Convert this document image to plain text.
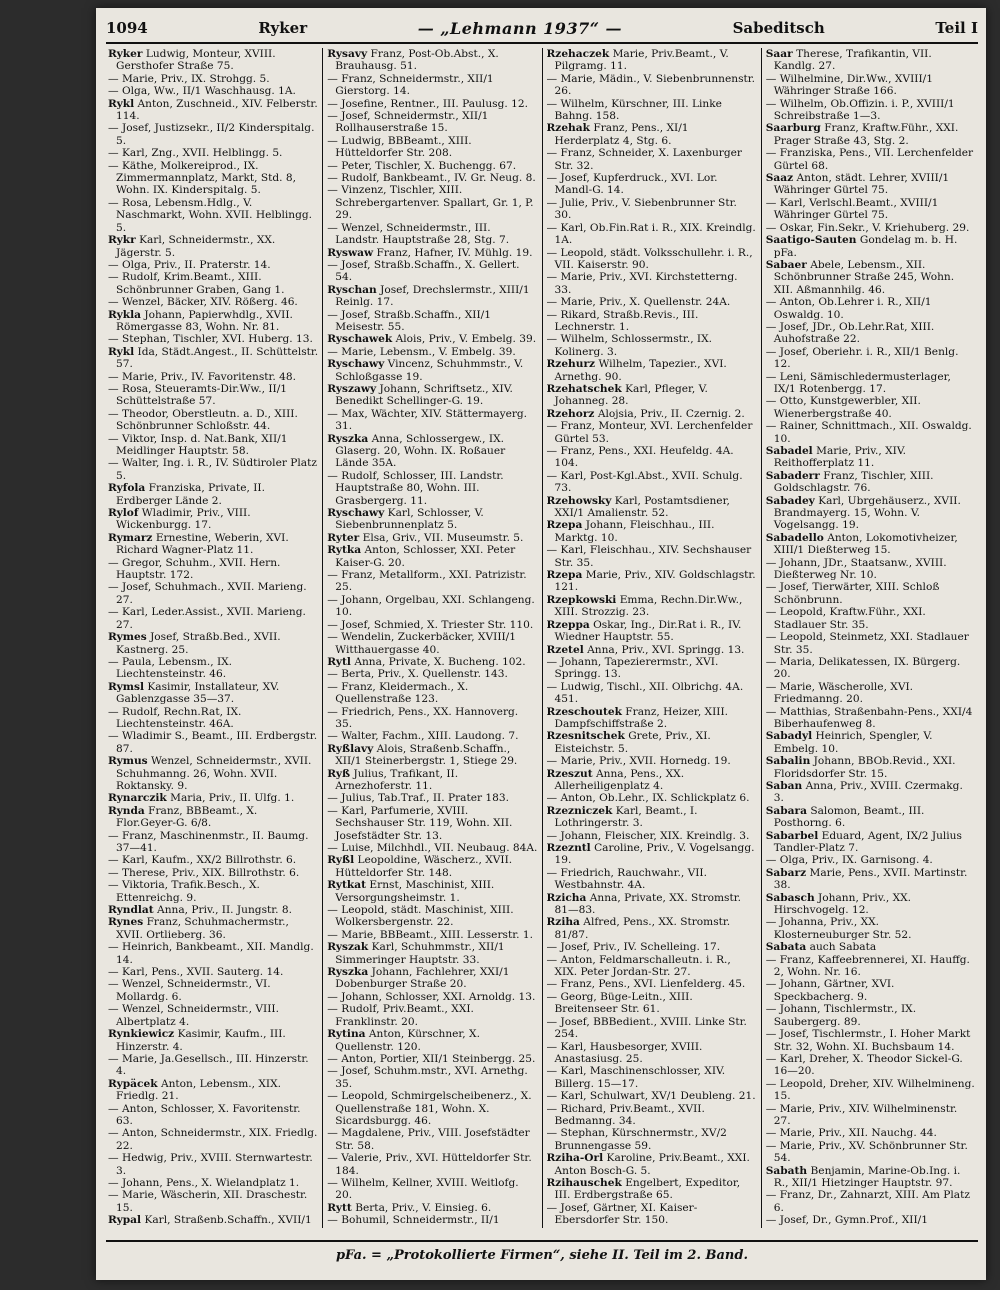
1094	Ryker	— „Lehmann 1937“ —	Sabeditsch	Teil I

Ryker Ludwig, Monteur, XVIII. Gersthofer Straße 75.

— Marie, Priv., IX. Strohgg. 5.

— Olga, Ww., II/1 Waschhausg. 1A.

Rykl Anton, Zuschneid., XIV. Felberstr. 114.

— Josef, Justizsekr., II/2 Kinderspitalg. 5.

— Karl, Zng., XVII. Helblingg. 5.

— Käthe, Molkereiprod., IX. Zimmermannplatz, Markt, Std. 8, Wohn. IX. Kinderspitalg. 5.

— Rosa, Lebensm.Hdlg., V. Naschmarkt, Wohn. XVII. Helblingg. 5.

Rykr Karl, Schneidermstr., XX. Jägerstr. 5.

— Olga, Priv., II. Praterstr. 14.

— Rudolf, Krim.Beamt., XIII. Schönbrunner Graben, Gang 1.

— Wenzel, Bäcker, XIV. Rößerg. 46.

Rykla Johann, Papierwhdlg., XVII. Römergasse 83, Wohn. Nr. 81.

— Stephan, Tischler, XVI. Huberg. 13.

Rykl Ida, Städt.Angest., II. Schüttelstr. 57.

— Marie, Priv., IV. Favoritenstr. 48.

— Rosa, Steueramts-Dir.Ww., II/1 Schüttelstraße 57.

— Theodor, Oberstleutn. a. D., XIII. Schönbrunner Schloßstr. 44.

— Viktor, Insp. d. Nat.Bank, XII/1 Meidlinger Hauptstr. 58.

— Walter, Ing. i. R., IV. Südtiroler Platz 5.

Ryfola Franziska, Private, II. Erdberger Lände 2.

Rylof Wladimir, Priv., VIII. Wickenburgg. 17.

Rymarz Ernestine, Weberin, XVI. Richard Wagner-Platz 11.

— Gregor, Schuhm., XVII. Hern. Hauptstr. 172.

— Josef, Schuhmach., XVII. Marieng. 27.

— Karl, Leder.Assist., XVII. Marieng. 27.

Rymes Josef, Straßb.Bed., XVII. Kastnerg. 25.

— Paula, Lebensm., IX. Liechtensteinstr. 46.

Rymsl Kasimir, Installateur, XV. Gablenzgasse 35—37.

— Rudolf, Rechn.Rat, IX. Liechtensteinstr. 46A.

— Wladimir S., Beamt., III. Erdbergstr. 87.

Rymus Wenzel, Schneidermstr., XVII. Schuhmanng. 26, Wohn. XVII. Roktansky. 9.

Rynarczik Maria, Priv., II. Ulfg. 1.

Rynda Franz, BBBeamt., X. Flor.Geyer-G. 6/8.

— Franz, Maschinenmstr., II. Baumg. 37—41.

— Karl, Kaufm., XX/2 Billrothstr. 6.

— Therese, Priv., XIX. Billrothstr. 6.

— Viktoria, Trafik.Besch., X. Ettenreichg. 9.

Ryndlat Anna, Priv., II. Jungstr. 8.

Rynes Franz, Schuhmachermstr., XVII. Ortlieberg. 36.

— Heinrich, Bankbeamt., XII. Mandlg. 14.

— Karl, Pens., XVII. Sauterg. 14.

— Wenzel, Schneidermstr., VI. Mollardg. 6.

— Wenzel, Schneidermstr., VIII. Albertplatz 4.

Rynkiewicz Kasimir, Kaufm., III. Hinzerstr. 4.

— Marie, Ja.Gesellsch., III. Hinzerstr. 4.

Rypäcek Anton, Lebensm., XIX. Friedlg. 21.

— Anton, Schlosser, X. Favoritenstr. 63.

— Anton, Schneidermstr., XIX. Friedlg. 22.

— Hedwig, Priv., XVIII. Sternwartestr. 3.

— Johann, Pens., X. Wielandplatz 1.

— Marie, Wäscherin, XII. Draschestr. 15.

Rypal Karl, Straßenb.Schaffn., XVII/1

Rysavy Franz, Post-Ob.Abst., X. Brauhausg. 51.

— Franz, Schneidermstr., XII/1 Gierstorg. 14.

— Josefine, Rentner., III. Paulusg. 12.

— Josef, Schneidermstr., XII/1 Rollhauserstraße 15.

— Ludwig, BBBeamt., XIII. Hütteldorfer Str. 208.

— Peter, Tischler, X. Buchengg. 67.

— Rudolf, Bankbeamt., IV. Gr. Neug. 8.

— Vinzenz, Tischler, XIII. Schrebergartenver. Spallart, Gr. 1, P. 29.

— Wenzel, Schneidermstr., III. Landstr. Hauptstraße 28, Stg. 7.

Ryswaw Franz, Hafner, IV. Mühlg. 19.

— Josef, Straßb.Schaffn., X. Gellert. 54.

Ryschan Josef, Drechslermstr., XIII/1 Reinlg. 17.

— Josef, Straßb.Schaffn., XII/1 Meisestr. 55.

Ryschawek Alois, Priv., V. Embelg. 39.

— Marie, Lebensm., V. Embelg. 39.

Ryschawy Vincenz, Schuhmmstr., V. Schloßgasse 19.

Ryszawy Johann, Schriftsetz., XIV. Benedikt Schellinger-G. 19.

— Max, Wächter, XIV. Stättermayerg. 31.

Ryszka Anna, Schlossergew., IX. Glaserg. 20, Wohn. IX. Roßauer Lände 35A.

— Rudolf, Schlosser, III. Landstr. Hauptstraße 80, Wohn. III. Grasbergerg. 11.

Ryschawy Karl, Schlosser, V. Siebenbrunnenplatz 5.

Ryter Elsa, Griv., VII. Museumstr. 5.

Rytka Anton, Schlosser, XXI. Peter Kaiser-G. 20.

— Franz, Metallform., XXI. Patrizistr. 25.

— Johann, Orgelbau, XXI. Schlangeng. 10.

— Josef, Schmied, X. Triester Str. 110.

— Wendelin, Zuckerbäcker, XVIII/1 Witthauergasse 40.

Rytl Anna, Private, X. Bucheng. 102.

— Berta, Priv., X. Quellenstr. 143.

— Franz, Kleidermach., X. Quellenstraße 123.

— Friedrich, Pens., XX. Hannoverg. 35.

— Walter, Fachm., XIII. Laudong. 7.

Ryßlavy Alois, Straßenb.Schaffn., XII/1 Steinerbergstr. 1, Stiege 29.

Ryß Julius, Trafikant, II. Arnezhoferstr. 11.

— Julius, Tab.Traf., II. Prater 183.

— Karl, Parfumerie, XVIII. Sechshauser Str. 119, Wohn. XII. Josefstädter Str. 13.

— Luise, Milchhdl., VII. Neubaug. 84A.

Ryßl Leopoldine, Wäscherz., XVII. Hütteldorfer Str. 148.

Rytkat Ernst, Maschinist, XIII. Versorgungsheimstr. 1.

— Leopold, städt. Maschinist, XIII. Wolkersbergenstr. 22.

— Marie, BBBeamt., XIII. Lesserstr. 1.

Ryszak Karl, Schuhmmstr., XII/1 Simmeringer Hauptstr. 33.

Ryszka Johann, Fachlehrer, XXI/1 Dobenburger Straße 20.

— Johann, Schlosser, XXI. Arnoldg. 13.

— Rudolf, Priv.Beamt., XXI. Franklinstr. 20.

Rytina Anton, Kürschner, X. Quellenstr. 120.

— Anton, Portier, XII/1 Steinbergg. 25.

— Josef, Schuhm.mstr., XVI. Arnethg. 35.

— Leopold, Schmirgelscheibenerz., X. Quellenstraße 181, Wohn. X. Sicardsburgg. 46.

— Magdalene, Priv., VIII. Josefstädter Str. 58.

— Valerie, Priv., XVI. Hütteldorfer Str. 184.

— Wilhelm, Kellner, XVIII. Weitlofg. 20.

Rytt Berta, Priv., V. Einsieg. 6.

— Bohumil, Schneidermstr., II/1

Rzehaczek Marie, Priv.Beamt., V. Pilgramg. 11.

— Marie, Mädin., V. Siebenbrunnenstr. 26.

— Wilhelm, Kürschner, III. Linke Bahng. 158.

Rzehak Franz, Pens., XI/1 Herderplatz 4, Stg. 6.

— Franz, Schneider, X. Laxenburger Str. 32.

— Josef, Kupferdruck., XVI. Lor. Mandl-G. 14.

— Julie, Priv., V. Siebenbrunner Str. 30.

— Karl, Ob.Fin.Rat i. R., XIX. Kreindlg. 1A.

— Leopold, städt. Volksschullehr. i. R., VII. Kaiserstr. 90.

— Marie, Priv., XVI. Kirchstetterng. 33.

— Marie, Priv., X. Quellenstr. 24A.

— Rikard, Straßb.Revis., III. Lechnerstr. 1.

— Wilhelm, Schlossermstr., IX. Kolinerg. 3.

Rzehurz Wilhelm, Tapezier., XVI. Arnethg. 90.

Rzehatschek Karl, Pfleger, V. Johanneg. 28.

Rzehorz Alojsia, Priv., II. Czernig. 2.

— Franz, Monteur, XVI. Lerchenfelder Gürtel 53.

— Franz, Pens., XXI. Heufeldg. 4A. 104.

— Karl, Post-Kgl.Abst., XVII. Schulg. 73.

Rzehowsky Karl, Postamtsdiener, XXI/1 Amalienstr. 52.

Rzepa Johann, Fleischhau., III. Marktg. 10.

— Karl, Fleischhau., XIV. Sechshauser Str. 35.

Rzepa Marie, Priv., XIV. Goldschlagstr. 121.

Rzepkowski Emma, Rechn.Dir.Ww., XIII. Strozzig. 23.

Rzeppa Oskar, Ing., Dir.Rat i. R., IV. Wiedner Hauptstr. 55.

Rzetel Anna, Priv., XVI. Springg. 13.

— Johann, Tapezierermstr., XVI. Springg. 13.

— Ludwig, Tischl., XII. Olbrichg. 4A. 451.

Rzeschoutek Franz, Heizer, XIII. Dampfschiffstraße 2.

Rzesnitschek Grete, Priv., XI. Eisteichstr. 5.

— Marie, Priv., XVII. Hornedg. 19.

Rzeszut Anna, Pens., XX. Allerheiligenplatz 4.

— Anton, Ob.Lehr., IX. Schlickplatz 6.

Rzezniczek Karl, Beamt., I. Lothringerstr. 3.

— Johann, Fleischer, XIX. Kreindlg. 3.

Rzezntl Caroline, Priv., V. Vogelsangg. 19.

— Friedrich, Rauchwahr., VII. Westbahnstr. 4A.

Rzicha Anna, Private, XX. Stromstr. 81—83.

Rziha Alfred, Pens., XX. Stromstr. 81/87.

— Josef, Priv., IV. Schelleing. 17.

— Anton, Feldmarschalleutn. i. R., XIX. Peter Jordan-Str. 27.

— Franz, Pens., XVI. Lienfelderg. 45.

— Georg, Büge-Leitn., XIII. Breitenseer Str. 61.

— Josef, BBBedient., XVIII. Linke Str. 254.

— Karl, Hausbesorger, XVIII. Anastasiusg. 25.

— Karl, Maschinenschlosser, XIV. Billerg. 15—17.

— Karl, Schulwart, XV/1 Deubleng. 21.

— Richard, Priv.Beamt., XVII. Bedmanng. 34.

— Stephan, Kürschnermstr., XV/2 Brunnengasse 59.

Rziha-Orl Karoline, Priv.Beamt., XXI. Anton Bosch-G. 5.

Rzihauschek Engelbert, Expeditor, III. Erdbergstraße 65.

— Josef, Gärtner, XI. Kaiser-Ebersdorfer Str. 150.

Saar Therese, Trafikantin, VII. Kandlg. 27.

— Wilhelmine, Dir.Ww., XVIII/1 Währinger Straße 166.

— Wilhelm, Ob.Offizin. i. P., XVIII/1 Schreibstraße 1—3.

Saarburg Franz, Kraftw.Führ., XXI. Prager Straße 43, Stg. 2.

— Franziska, Pens., VII. Lerchenfelder Gürtel 68.

Saaz Anton, städt. Lehrer, XVIII/1 Währinger Gürtel 75.

— Karl, Verlschl.Beamt., XVIII/1 Währinger Gürtel 75.

— Oskar, Fin.Sekr., V. Kriehuberg. 29.

Saatigo-Sauten Gondelag m. b. H. pFa.

Sabaer Abele, Lebensm., XII. Schönbrunner Straße 245, Wohn. XII. Aßmannhilg. 46.

— Anton, Ob.Lehrer i. R., XII/1 Oswaldg. 10.

— Josef, JDr., Ob.Lehr.Rat, XIII. Auhofstraße 22.

— Josef, Oberiehr. i. R., XII/1 Benlg. 12.

— Leni, Sämischledermusterlager, IX/1 Rotenbergg. 17.

— Otto, Kunstgewerbler, XII. Wienerbergstraße 40.

— Rainer, Schnittmach., XII. Oswaldg. 10.

Sabadel Marie, Priv., XIV. Reithofferplatz 11.

Sabaderr Franz, Tischler, XIII. Goldschlagstr. 76.

Sabadey Karl, Ubrgehäuserz., XVII. Brandmayerg. 15, Wohn. V. Vogelsangg. 19.

Sabadello Anton, Lokomotivheizer, XIII/1 Dießterweg 15.

— Johann, JDr., Staatsanw., XVIII. Dießterweg Nr. 10.

— Josef, Tierwärter, XIII. Schloß Schönbrunn.

— Leopold, Kraftw.Führ., XXI. Stadlauer Str. 35.

— Leopold, Steinmetz, XXI. Stadlauer Str. 35.

— Maria, Delikatessen, IX. Bürgerg. 20.

— Marie, Wäscherolle, XVI. Friedmanng. 20.

— Matthias, Straßenbahn-Pens., XXI/4 Biberhaufenweg 8.

Sabadyl Heinrich, Spengler, V. Embelg. 10.

Sabalin Johann, BBOb.Revid., XXI. Floridsdorfer Str. 15.

Saban Anna, Priv., XVIII. Czermakg. 3.

Sabara Salomon, Beamt., III. Posthorng. 6.

Sabarbel Eduard, Agent, IX/2 Julius Tandler-Platz 7.

— Olga, Priv., IX. Garnisong. 4.

Sabarz Marie, Pens., XVII. Martinstr. 38.

Sabasch Johann, Priv., XX. Hirschvogelg. 12.

— Johanna, Priv., XX. Klosterneuburger Str. 52.

Sabata auch Sabata

— Franz, Kaffeebrennerei, XI. Hauffg. 2, Wohn. Nr. 16.

— Johann, Gärtner, XVI. Speckbacherg. 9.

— Johann, Tischlermstr., IX. Saubergerg. 89.

— Josef, Tischlermstr., I. Hoher Markt Str. 32, Wohn. XI. Buchsbaum 14.

— Karl, Dreher, X. Theodor Sickel-G. 16—20.

— Leopold, Dreher, XIV. Wilhelmineng. 15.

— Marie, Priv., XIV. Wilhelminenstr. 27.

— Marie, Priv., XII. Nauchg. 44.

— Marie, Priv., XV. Schönbrunner Str. 54.

Sabath Benjamin, Marine-Ob.Ing. i. R., XII/1 Hietzinger Hauptstr. 97.

— Franz, Dr., Zahnarzt, XIII. Am Platz 6.

— Josef, Dr., Gymn.Prof., XII/1

pFa. = „Protokollierte Firmen“, siehe II. Teil im 2. Band.
